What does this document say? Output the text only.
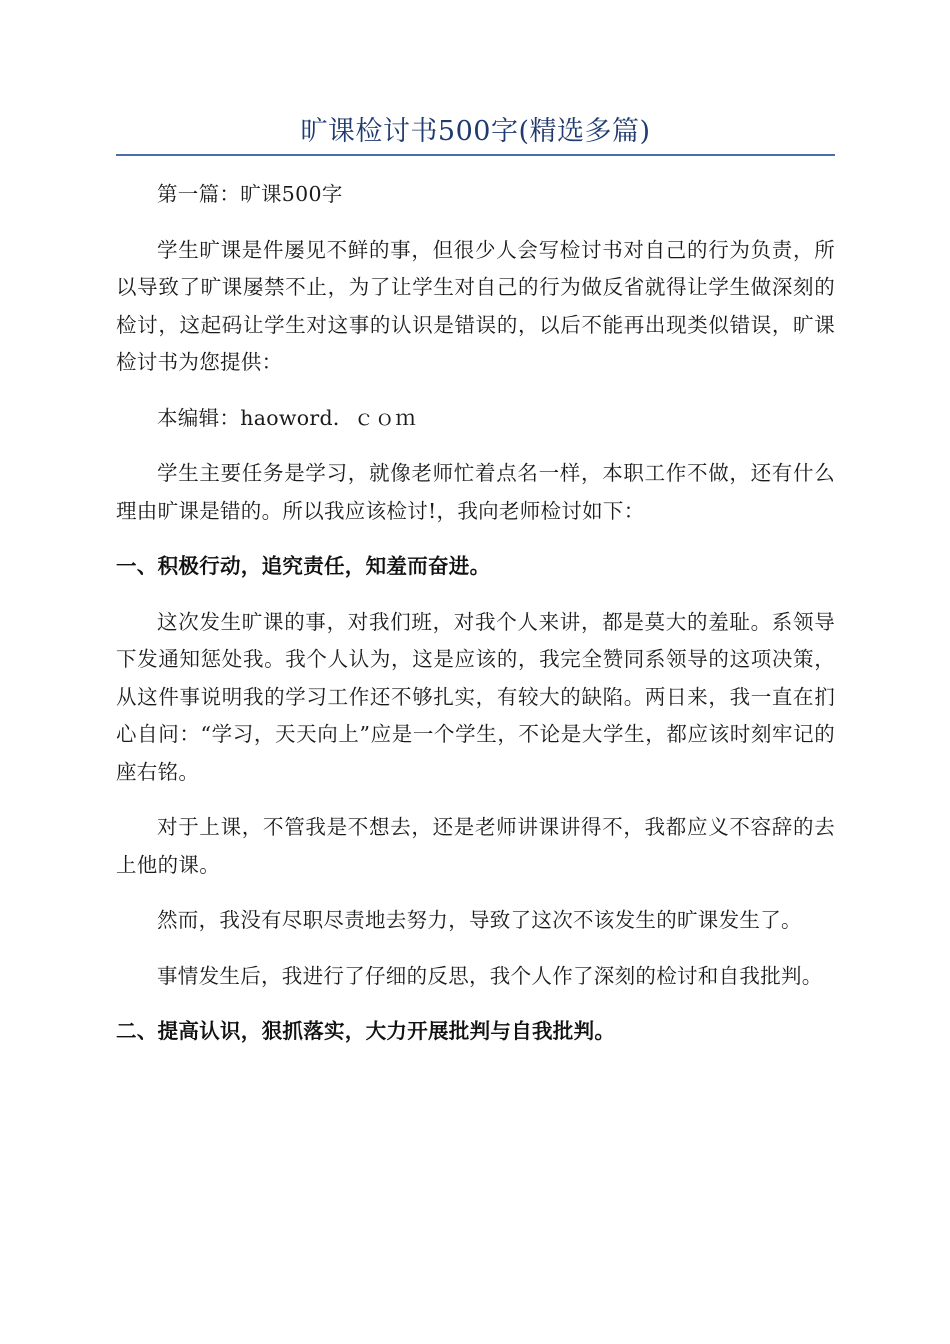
旷课检讨书500字(精选多篇)

第一篇：旷课500字

学生旷课是件屡见不鲜的事，但很少人会写检讨书对自己的行为负责，所以导致了旷课屡禁不止，为了让学生对自己的行为做反省就得让学生做深刻的检讨，这起码让学生对这事的认识是错误的，以后不能再出现类似错误，旷课检讨书为您提供：

本编辑：haoword．ｃｏｍ

学生主要任务是学习，就像老师忙着点名一样，本职工作不做，还有什么理由旷课是错的。所以我应该检讨!，我向老师检讨如下：

一、积极行动，追究责任，知羞而奋进。

这次发生旷课的事，对我们班，对我个人来讲，都是莫大的羞耻。系领导下发通知惩处我。我个人认为，这是应该的，我完全赞同系领导的这项决策，从这件事说明我的学习工作还不够扎实，有较大的缺陷。两日来，我一直在扪心自问：“学习，天天向上”应是一个学生，不论是大学生，都应该时刻牢记的座右铭。

对于上课，不管我是不想去，还是老师讲课讲得不，我都应义不容辞的去上他的课。

然而，我没有尽职尽责地去努力，导致了这次不该发生的旷课发生了。

事情发生后，我进行了仔细的反思，我个人作了深刻的检讨和自我批判。

二、提高认识，狠抓落实，大力开展批判与自我批判。
